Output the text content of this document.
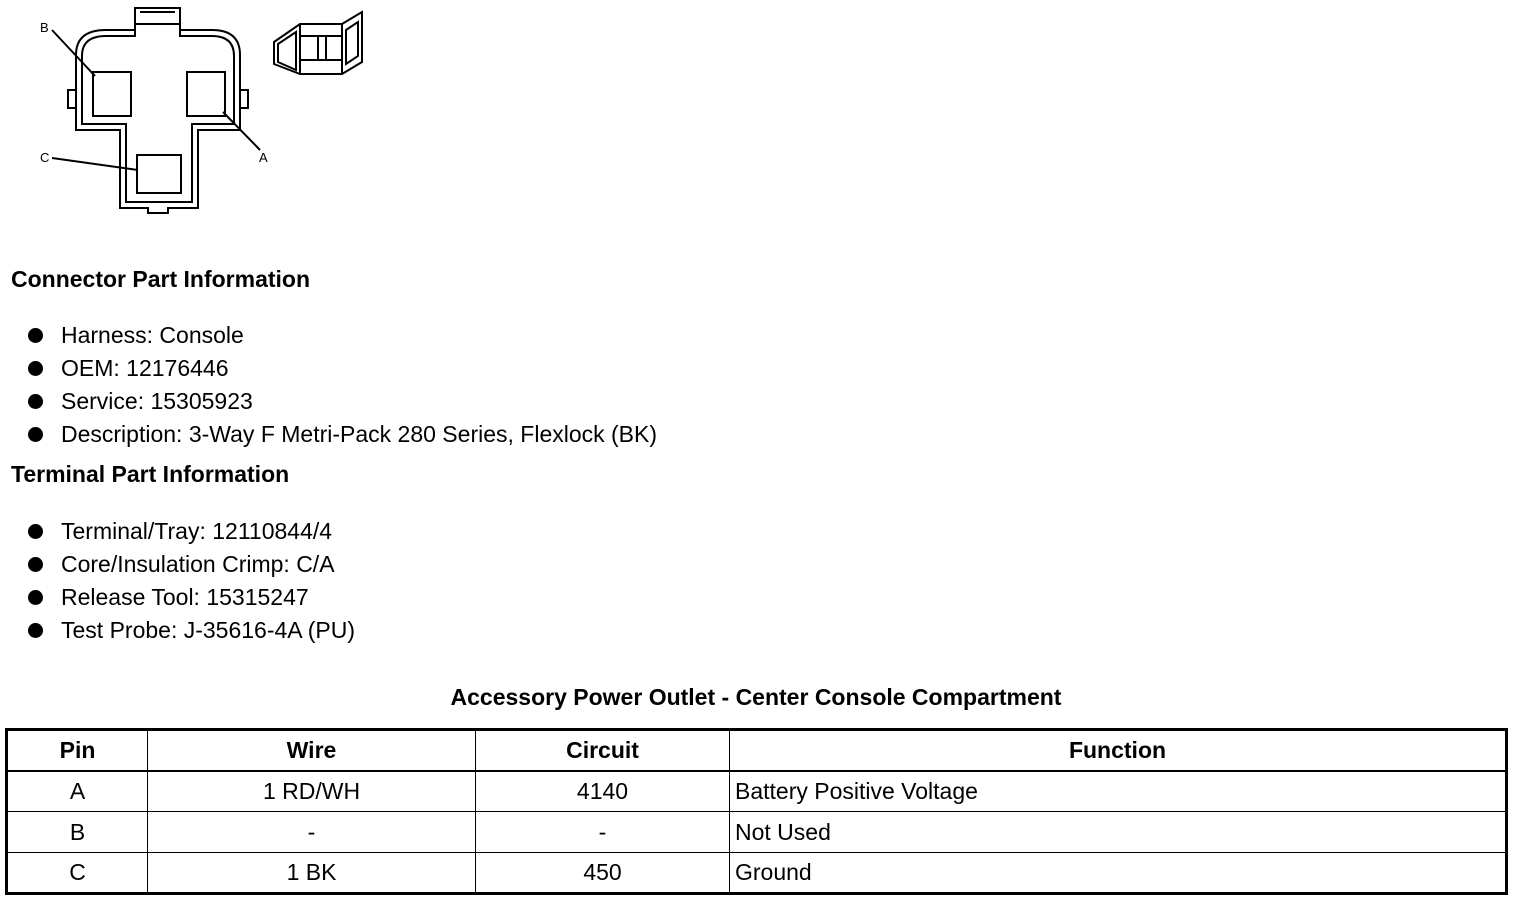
B
A
C
Connector Part Information
Harness: Console
OEM: 12176446
Service: 15305923
Description: 3-Way F Metri-Pack 280 Series, Flexlock (BK)
Terminal Part Information
Terminal/Tray: 12110844/4
Core/Insulation Crimp: C/A
Release Tool: 15315247
Test Probe: J-35616-4A (PU)
Accessory Power Outlet - Center Console Compartment
Pin	Wire	Circuit	Function
A	1 RD/WH	4140	Battery Positive Voltage
B	-	-	Not Used
C	1 BK	450	Ground
